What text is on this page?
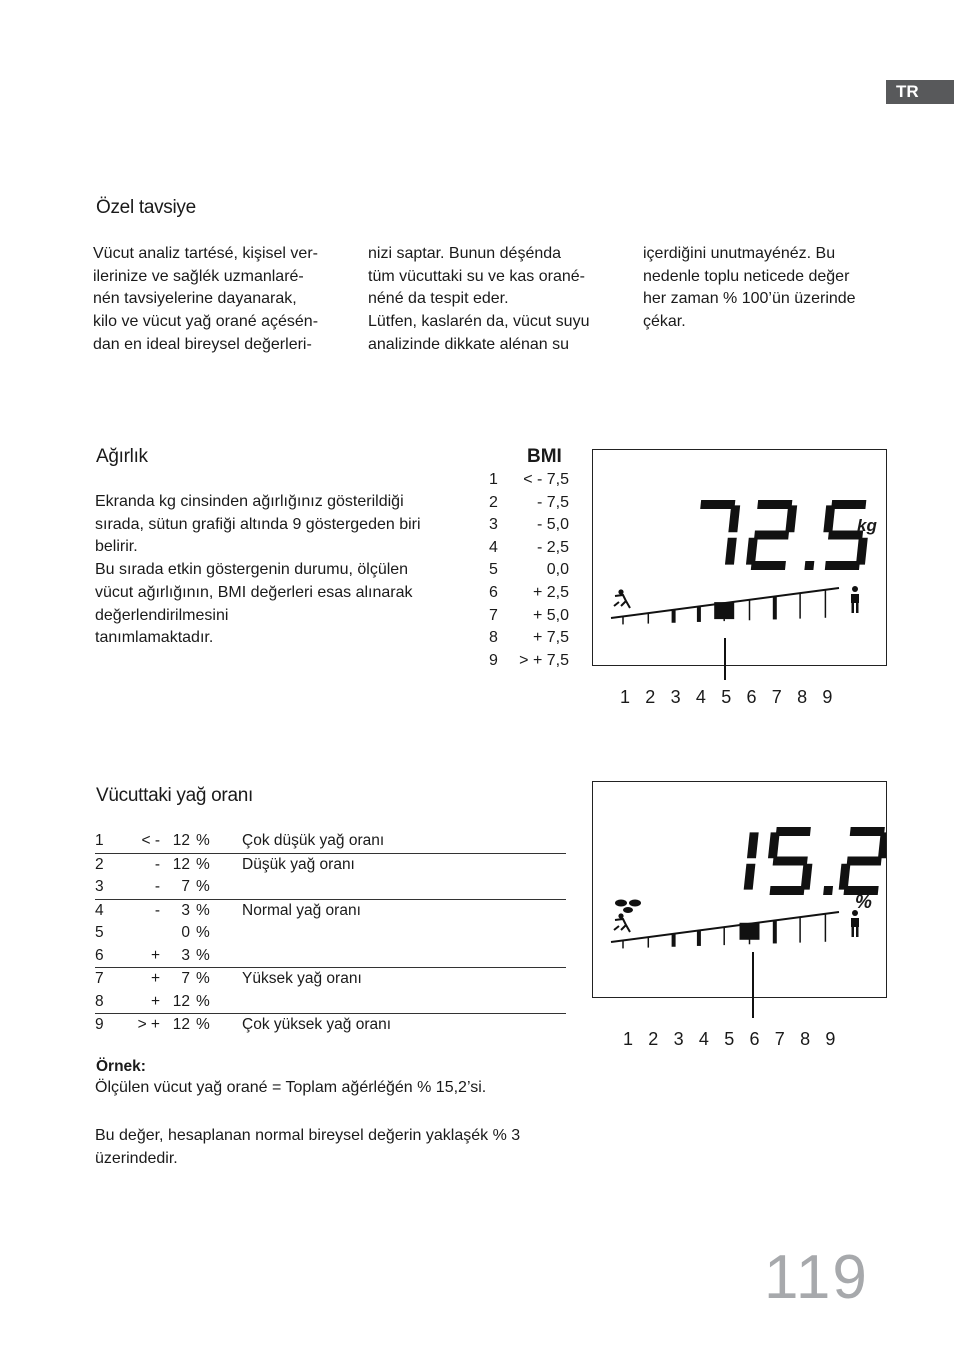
TR
Özel tavsiye
Vücut analiz tartésé, kişisel ver-
ilerinize ve sağlék uzmanlaré-
nén tavsiyelerine dayanarak,
kilo ve vücut yağ orané açésén-
dan en ideal bireysel değerleri-
nizi saptar. Bunun déşénda
tüm vücuttaki su ve kas orané-
néné da tespit eder.
Lütfen, kaslarén da, vücut suyu
analizinde dikkate alénan su
içerdiğini unutmayénéz. Bu
nedenle toplu neticede değer
her zaman % 100’ün üzerinde
çékar.
Ağırlık
Ekranda kg cinsinden ağırlığınız gösterildiği
sırada, sütun grafiği altında 9 göstergeden biri
belirir.
Bu sırada etkin göstergenin durumu, ölçülen
vücut ağırlığının, BMI değerleri esas alınarak
değerlendirilmesini
tanımlamaktadır.
BMI
1 < - 7,5
2 - 7,5
3 - 5,0
4 - 2,5
5	0,0
6 + 2,5
7 + 5,0
8 + 7,5
9 > + 7,5
kg
1 2 3 4 5 6 7 8 9
Vücuttaki yağ oranı
1	< -	12	%	Çok düşük yağ oranı
2	-	12	%	Düşük yağ oranı
3	-	7	%	
4	-	3	%	Normal yağ oranı
5		0	%	
6	+	3	%	
7	+	7	%	Yüksek yağ oranı
8	+	12	%	
9	> +	12	%	Çok yüksek yağ oranı
Örnek:
Ölçülen vücut yağ orané = Toplam ağérléğén % 15,2’si.
Bu değer, hesaplanan normal bireysel değerin yaklaşék % 3
üzerindedir.
%
1 2 3 4 5 6 7 8 9
119
